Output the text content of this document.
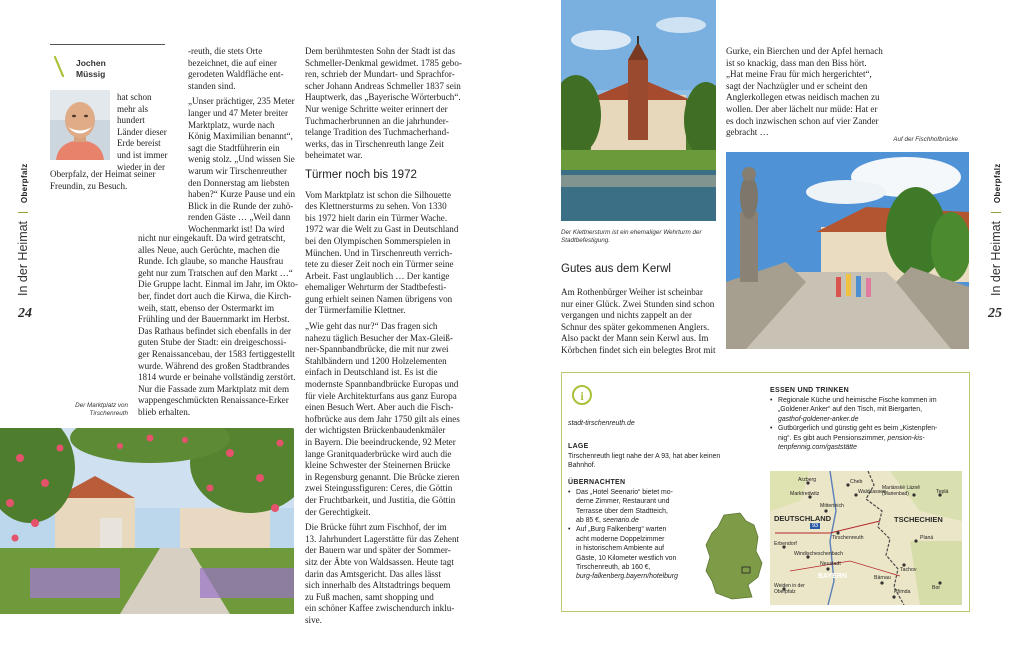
In der Heimat  Oberpfalz
24
Jochen
Müssig
hat schon
mehr als
hundert
Länder dieser
Erde bereist
und ist immer
wieder in der
Oberpfalz, der Heimat seiner
Freundin, zu Besuch.
-reuth, die stets Orte
bezeichnet, die auf einer
gerodeten Waldfläche ent-
standen sind.
„Unser prächtiger, 235 Meter
langer und 47 Meter breiter
Marktplatz, wurde nach
König Maximilian benannt“,
sagt die Stadtführerin ein
wenig stolz. „Und wissen Sie
warum wir Tirschenreuther
den Donnerstag am liebsten
haben?“ Kurze Pause und ein
Blick in die Runde der zuhö-
renden Gäste … „Weil dann
Wochenmarkt ist! Da wird
nicht nur eingekauft. Da wird getratscht,
alles Neue, auch Gerüchte, machen die
Runde. Ich glaube, so manche Hausfrau
geht nur zum Tratschen auf den Markt …“
Die Gruppe lacht. Einmal im Jahr, im Okto-
ber, findet dort auch die Kirwa, die Kirch-
weih, statt, ebenso der Ostermarkt im
Frühling und der Bauernmarkt im Herbst.
Das Rathaus befindet sich ebenfalls in der
guten Stube der Stadt: ein dreigeschossi-
ger Renaissancebau, der 1583 fertiggestellt
wurde. Während des großen Stadtbrandes
1814 wurde er beinahe vollständig zerstört.
Nur die Fassade zum Marktplatz mit dem
wappengeschmückten Renaissance-Erker
blieb erhalten.
Der Marktplatz von
Tirschenreuth
Dem berühmtesten Sohn der Stadt ist das
Schmeller-Denkmal gewidmet. 1785 gebo-
ren, schrieb der Mundart- und Sprachfor-
scher Johann Andreas Schmeller 1837 sein
Hauptwerk, das „Bayerische Wörterbuch“.
Nur wenige Schritte weiter erinnert der
Tuchmacherbrunnen an die jahrhunder-
telange Tradition des Tuchmacherhand-
werks, das in Tirschenreuth lange Zeit
beheimatet war.
Türmer noch bis 1972
Vom Marktplatz ist schon die Silhouette
des Klettnersturms zu sehen. Von 1330
bis 1972 hielt darin ein Türmer Wache.
1972 war die Welt zu Gast in Deutschland
bei den Olympischen Sommerspielen in
München. Und in Tirschenreuth verrich-
tete zu dieser Zeit noch ein Türmer seine
Arbeit. Fast unglaublich … Der kantige
ehemaliger Wehrturm der Stadtbefesti-
gung erhielt seinen Namen übrigens von
der Türmerfamilie Klettner.
„Wie geht das nur?“ Das fragen sich
nahezu täglich Besucher der Max-Gleiß-
ner-Spannbandbrücke, die mit nur zwei
Stahlbändern und 1200 Holzelementen
einfach in Deutschland ist. Es ist die
modernste Spannbandbrücke Europas und
für viele Architekturfans aus ganz Europa
einen Besuch Wert. Aber auch die Fisch-
hofbrücke aus dem Jahr 1750 gilt als eines
der wichtigsten Brückenbaudenkmäler
in Bayern. Die beeindruckende, 92 Meter
lange Granitquaderbrücke wird auch die
kleine Schwester der Steinernen Brücke
in Regensburg genannt. Die Brücke zieren
zwei Steingussfiguren: Ceres, die Göttin
der Fruchtbarkeit, und Justitia, die Göttin
der Gerechtigkeit.
Die Brücke führt zum Fischhof, der im
13. Jahrhundert Lagerstätte für das Zehent
der Bauern war und später der Sommer-
sitz der Äbte von Waldsassen. Heute tagt
darin das Amtsgericht. Das alles lässt
sich innerhalb des Altstadtrings bequem
zu Fuß machen, samt shopping und
ein schöner Kaffee zwischendurch inklu-
sive.
Der Klettnersturm ist ein ehemaliger Wehrturm der
Stadtbefestigung.
Gurke, ein Bierchen und der Apfel hernach
ist so knackig, dass man den Biss hört.
„Hat meine Frau für mich hergerichtet“,
sagt der Nachzügler und er scheint den
Anglerkollegen etwas neidisch machen zu
wollen. Der aber lächelt nur müde: Hat er
es doch inzwischen schon auf vier Zander
gebracht …
Auf der Fischhofbrücke
Gutes aus dem Kerwl
Am Rothenbürger Weiher ist scheinbar
nur einer Glück. Zwei Stunden sind schon
vergangen und nichts zappelt an der
Schnur des später gekommenen Anglers.
Also packt der Mann sein Kerwl aus. Im
Körbchen findet sich ein belegtes Brot mit
In der Heimat  Oberpfalz
25
i
stadt-tirschenreuth.de
LAGE
Tirschenreuth liegt nahe der A 93, hat aber keinen
Bahnhof.
ÜBERNACHTEN
• Das „Hotel Seenario“ bietet mo-
derne Zimmer, Restaurant und
Terrasse über dem Stadtteich,
ab 85 €, seenario.de
• Auf „Burg Falkenberg“ warten
acht moderne Doppelzimmer
in historischem Ambiente auf
Gäste, 10 Kilometer westlich von
Tirschenreuth, ab 160 €,
burg-falkenberg.bayern/hotelburg
ESSEN UND TRINKEN
• Regionale Küche und heimische Fische kommen im
„Goldener Anker“ auf den Tisch, mit Biergarten,
gasthof-goldener-anker.de
• Gutbürgerlich und günstig geht es beim „Kistenpfen-
nig“. Es gibt auch Pensionszimmer, pension-kis-
tenpfennig.com/gaststätte
DEUTSCHLAND	TSCHECHIEN
BAYERN
93
Arzberg	Cheb
Marktredwitz	Waldsassen
Mariánské Lázně (Marienbad)	Teplá
Mitterteich
Tirschenreuth
Erbendorf
Windischeschenbach
Planá
Tachov
Neustadt
Weiden in der Oberpfalz
Bärnau
Přimda
Bor
